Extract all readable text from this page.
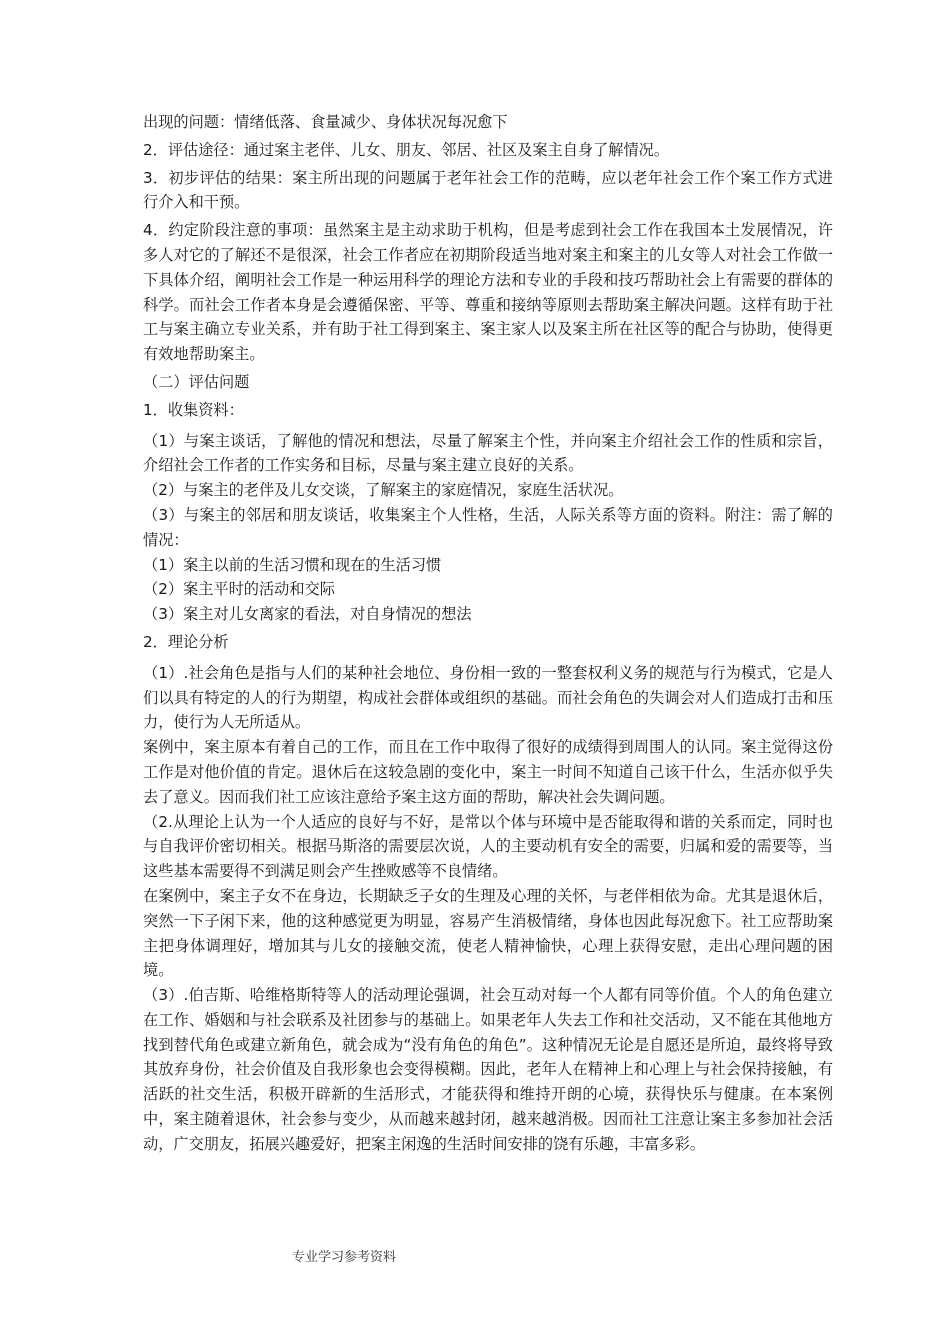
出现的问题：情绪低落、食量减少、身体状况每况愈下

2．评估途径：通过案主老伴、儿女、朋友、邻居、社区及案主自身了解情况。

3．初步评估的结果：案主所出现的问题属于老年社会工作的范畴，应以老年社会工作个案工作方式进行介入和干预。

4．约定阶段注意的事项：虽然案主是主动求助于机构，但是考虑到社会工作在我国本土发展情况，许多人对它的了解还不是很深，社会工作者应在初期阶段适当地对案主和案主的儿女等人对社会工作做一下具体介绍，阐明社会工作是一种运用科学的理论方法和专业的手段和技巧帮助社会上有需要的群体的科学。而社会工作者本身是会遵循保密、平等、尊重和接纳等原则去帮助案主解决问题。这样有助于社工与案主确立专业关系，并有助于社工得到案主、案主家人以及案主所在社区等的配合与协助，使得更有效地帮助案主。

（二）评估问题

1．收集资料：

（1）与案主谈话，了解他的情况和想法，尽量了解案主个性，并向案主介绍社会工作的性质和宗旨，介绍社会工作者的工作实务和目标，尽量与案主建立良好的关系。

（2）与案主的老伴及儿女交谈，了解案主的家庭情况，家庭生活状况。

（3）与案主的邻居和朋友谈话，收集案主个人性格，生活，人际关系等方面的资料。附注：需了解的情况：

（1）案主以前的生活习惯和现在的生活习惯

（2）案主平时的活动和交际

（3）案主对儿女离家的看法，对自身情况的想法

2．理论分析

（1）.社会角色是指与人们的某种社会地位、身份相一致的一整套权利义务的规范与行为模式，它是人们以具有特定的人的行为期望，构成社会群体或组织的基础。而社会角色的失调会对人们造成打击和压力，使行为人无所适从。

案例中，案主原本有着自己的工作，而且在工作中取得了很好的成绩得到周围人的认同。案主觉得这份工作是对他价值的肯定。退休后在这较急剧的变化中，案主一时间不知道自己该干什么，生活亦似乎失去了意义。因而我们社工应该注意给予案主这方面的帮助，解决社会失调问题。

（2.从理论上认为一个人适应的良好与不好，是常以个体与环境中是否能取得和谐的关系而定，同时也与自我评价密切相关。根据马斯洛的需要层次说，人的主要动机有安全的需要，归属和爱的需要等，当这些基本需要得不到满足则会产生挫败感等不良情绪。

在案例中，案主子女不在身边，长期缺乏子女的生理及心理的关怀，与老伴相依为命。尤其是退休后，突然一下子闲下来，他的这种感觉更为明显，容易产生消极情绪，身体也因此每况愈下。社工应帮助案主把身体调理好，增加其与儿女的接触交流，使老人精神愉快，心理上获得安慰，走出心理问题的困境。

（3）.伯吉斯、哈维格斯特等人的活动理论强调，社会互动对每一个人都有同等价值。个人的角色建立在工作、婚姻和与社会联系及社团参与的基础上。如果老年人失去工作和社交活动，又不能在其他地方找到替代角色或建立新角色，就会成为“没有角色的角色”。这种情况无论是自愿还是所迫，最终将导致其放弃身份，社会价值及自我形象也会变得模糊。因此，老年人在精神上和心理上与社会保持接触，有活跃的社交生活，积极开辟新的生活形式，才能获得和维持开朗的心境，获得快乐与健康。在本案例中，案主随着退休，社会参与变少，从而越来越封闭，越来越消极。因而社工注意让案主多参加社会活动，广交朋友，拓展兴趣爱好，把案主闲逸的生活时间安排的饶有乐趣，丰富多彩。

专业学习参考资料
